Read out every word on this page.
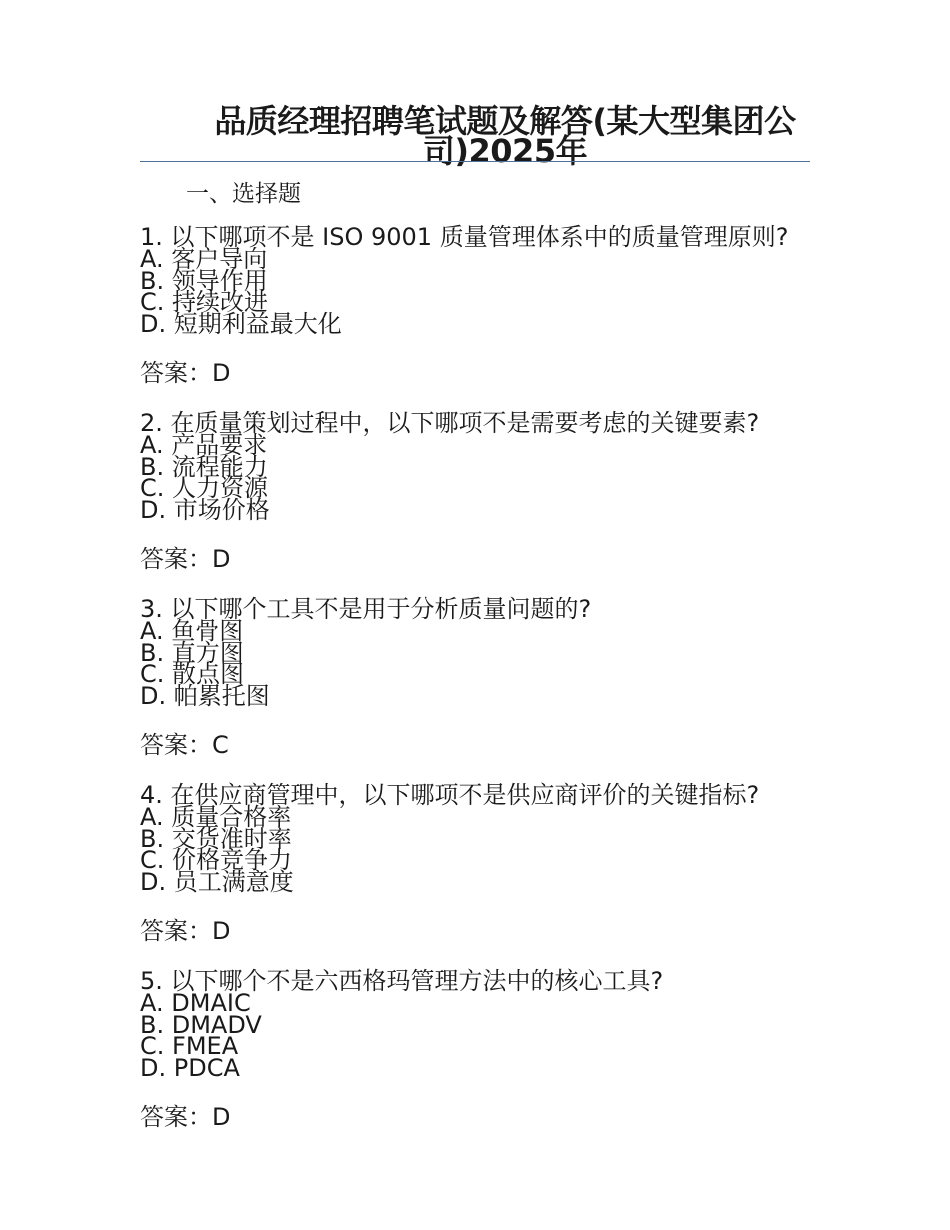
品质经理招聘笔试题及解答(某大型集团公司)2025年
一、选择题
1. 以下哪项不是 ISO 9001 质量管理体系中的质量管理原则?
A. 客户导向
B. 领导作用
C. 持续改进
D. 短期利益最大化
答案：D
2. 在质量策划过程中，以下哪项不是需要考虑的关键要素?
A. 产品要求
B. 流程能力
C. 人力资源
D. 市场价格
答案：D
3. 以下哪个工具不是用于分析质量问题的?
A. 鱼骨图
B. 直方图
C. 散点图
D. 帕累托图
答案：C
4. 在供应商管理中，以下哪项不是供应商评价的关键指标?
A. 质量合格率
B. 交货准时率
C. 价格竞争力
D. 员工满意度
答案：D
5. 以下哪个不是六西格玛管理方法中的核心工具?
A. DMAIC
B. DMADV
C. FMEA
D. PDCA
答案：D
